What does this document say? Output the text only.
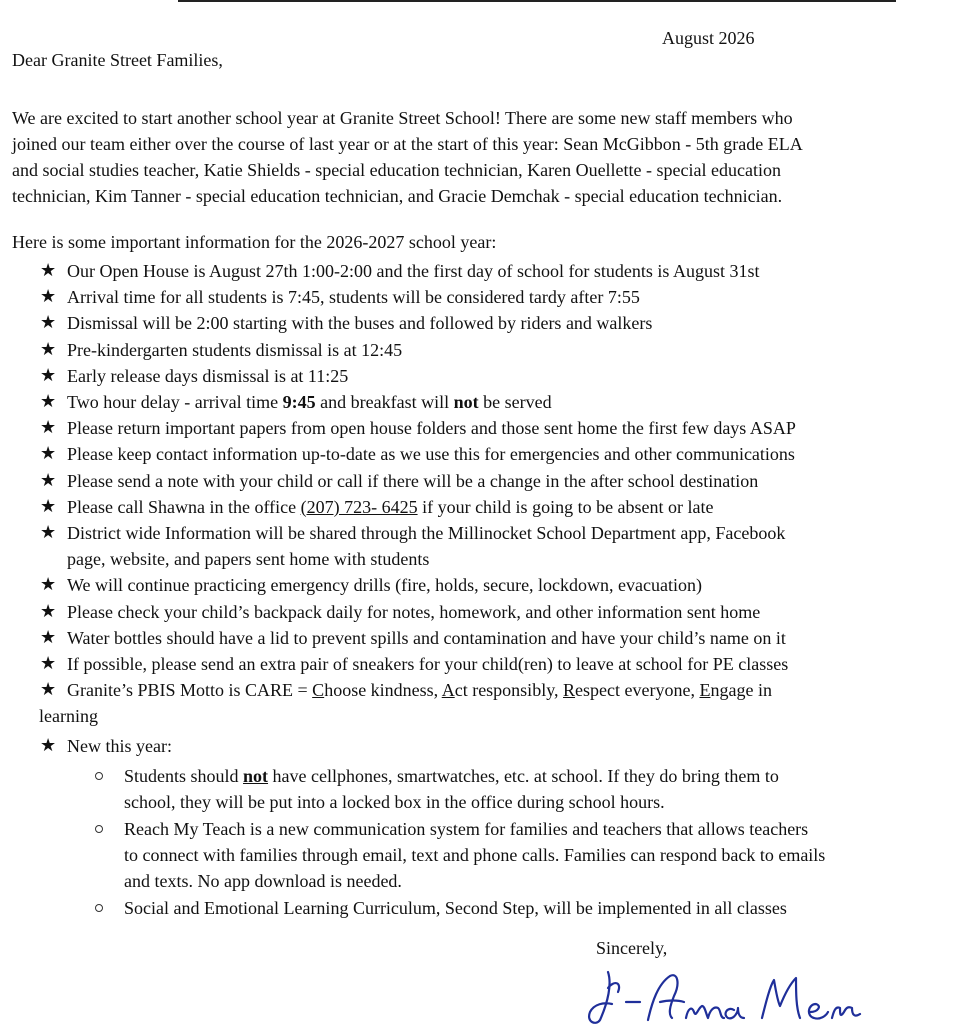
August 2026
Dear Granite Street Families,

We are excited to start another school year at Granite Street School! There are some new staff members who
joined our team either over the course of last year or at the start of this year: Sean McGibbon - 5th grade ELA
and social studies teacher, Katie Shields - special education technician, Karen Ouellette - special education
technician, Kim Tanner - special education technician, and Gracie Demchak - special education technician.

Here is some important information for the 2026-2027 school year:

★ Our Open House is August 27th 1:00-2:00 and the first day of school for students is August 31st
★ Arrival time for all students is 7:45, students will be considered tardy after 7:55
★ Dismissal will be 2:00 starting with the buses and followed by riders and walkers
★ Pre-kindergarten students dismissal is at 12:45
★ Early release days dismissal is at 11:25
★ Two hour delay - arrival time 9:45 and breakfast will not be served
★ Please return important papers from open house folders and those sent home the first few days ASAP
★ Please keep contact information up-to-date as we use this for emergencies and other communications
★ Please send a note with your child or call if there will be a change in the after school destination
★ Please call Shawna in the office (207) 723- 6425 if your child is going to be absent or late
★ District wide Information will be shared through the Millinocket School Department app, Facebook
page, website, and papers sent home with students
★ We will continue practicing emergency drills (fire, holds, secure, lockdown, evacuation)
★ Please check your child’s backpack daily for notes, homework, and other information sent home
★ Water bottles should have a lid to prevent spills and contamination and have your child’s name on it
★ If possible, please send an extra pair of sneakers for your child(ren) to leave at school for PE classes
★ Granite’s PBIS Motto is CARE = Choose kindness, Act responsibly, Respect everyone, Engage in
learning
★ New this year:
Students should not have cellphones, smartwatches, etc. at school. If they do bring them to
school, they will be put into a locked box in the office during school hours.
Reach My Teach is a new communication system for families and teachers that allows teachers
to connect with families through email, text and phone calls. Families can respond back to emails
and texts. No app download is needed.
Social and Emotional Learning Curriculum, Second Step, will be implemented in all classes
Sincerely,
